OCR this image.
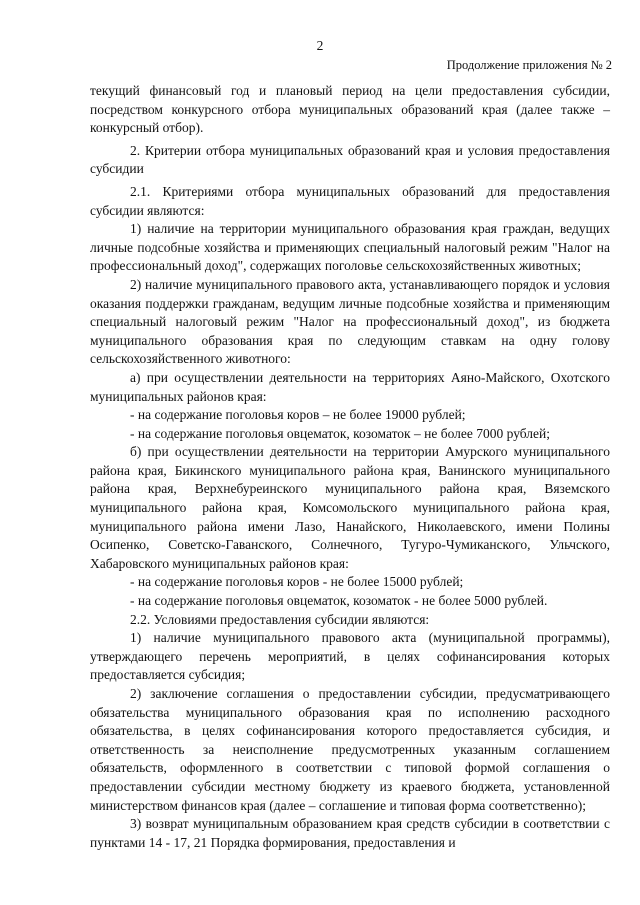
2
Продолжение приложения № 2

текущий финансовый год и плановый период на цели предоставления субсидии, посредством конкурсного отбора муниципальных образований края (далее также – конкурсный отбор).

2. Критерии отбора муниципальных образований края и условия предоставления субсидии

2.1. Критериями отбора муниципальных образований для предоставления субсидии являются:

1) наличие на территории муниципального образования края граждан, ведущих личные подсобные хозяйства и применяющих специальный налоговый режим "Налог на профессиональный доход", содержащих поголовье сельскохозяйственных животных;

2) наличие муниципального правового акта, устанавливающего порядок и условия оказания поддержки гражданам, ведущим личные подсобные хозяйства и применяющим специальный налоговый режим "Налог на профессиональный доход", из бюджета муниципального образования края по следующим ставкам на одну голову сельскохозяйственного животного:

а) при осуществлении деятельности на территориях Аяно-Майского, Охотского муниципальных районов края:

- на содержание поголовья коров – не более 19000 рублей;

- на содержание поголовья овцематок, козоматок – не более 7000 рублей;

б) при осуществлении деятельности на территории Амурского муниципального района края, Бикинского муниципального района края, Ванинского муниципального района края, Верхнебуреинского муниципального района края, Вяземского муниципального района края, Комсомольского муниципального района края, муниципального района имени Лазо, Нанайского, Николаевского, имени Полины Осипенко, Советско-Гаванского, Солнечного, Тугуро-Чумиканского, Ульчского, Хабаровского муниципальных районов края:

- на содержание поголовья коров - не более 15000 рублей;

- на содержание поголовья овцематок, козоматок - не более 5000 рублей.

2.2. Условиями предоставления субсидии являются:

1) наличие муниципального правового акта (муниципальной программы), утверждающего перечень мероприятий, в целях софинансирования которых предоставляется субсидия;

2) заключение соглашения о предоставлении субсидии, предусматривающего обязательства муниципального образования края по исполнению расходного обязательства, в целях софинансирования которого предоставляется субсидия, и ответственность за неисполнение предусмотренных указанным соглашением обязательств, оформленного в соответствии с типовой формой соглашения о предоставлении субсидии местному бюджету из краевого бюджета, установленной министерством финансов края (далее – соглашение и типовая форма соответственно);

3) возврат муниципальным образованием края средств субсидии в соответствии с пунктами 14 - 17, 21 Порядка формирования, предоставления и
